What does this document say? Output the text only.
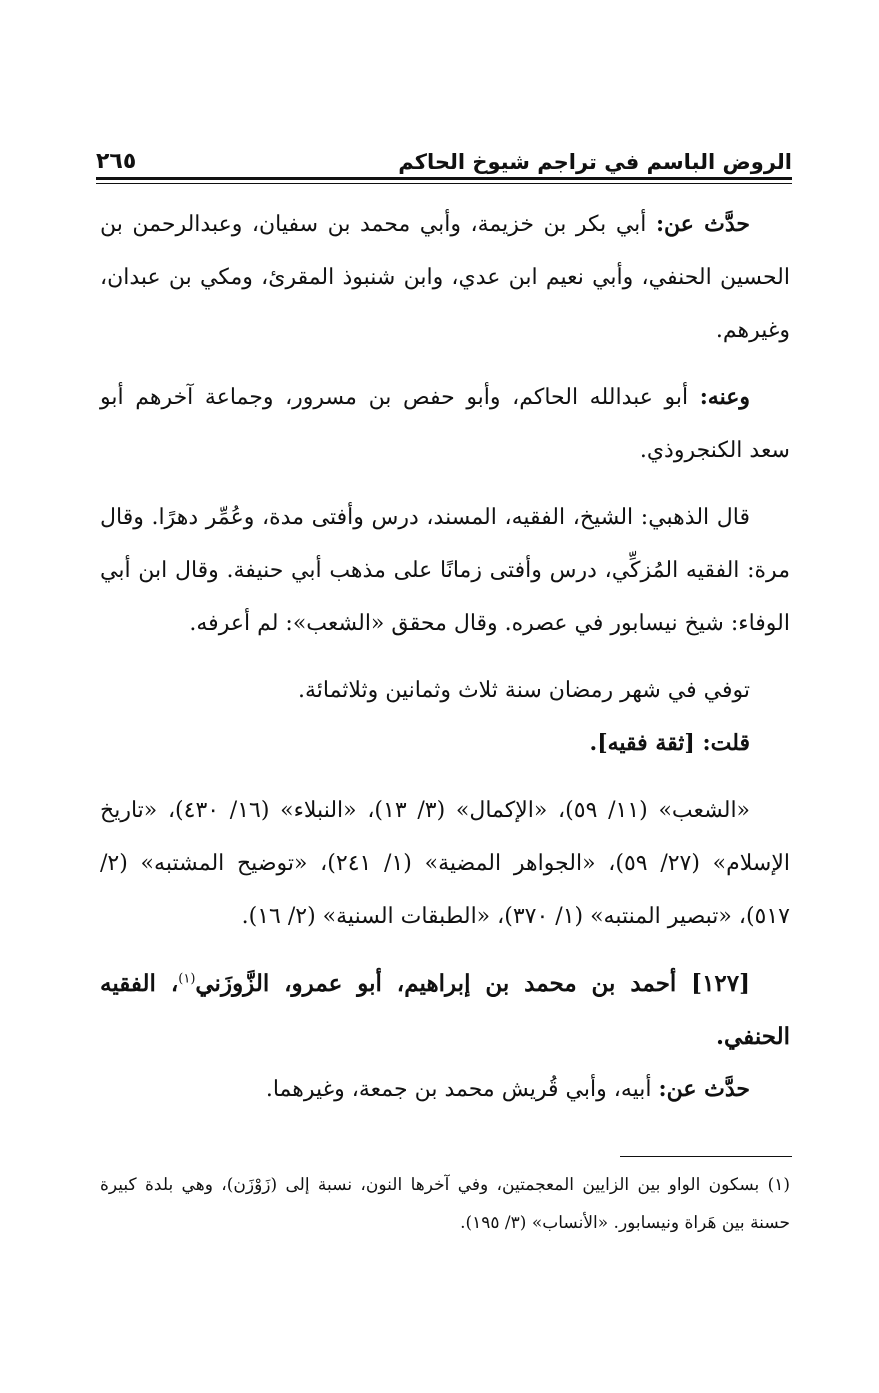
الروض الباسم في تراجم شيوخ الحاكم
٢٦٥

حدَّث عن: أبي بكر بن خزيمة، وأبي محمد بن سفيان، وعبدالرحمن بن الحسين الحنفي، وأبي نعيم ابن عدي، وابن شنبوذ المقرئ، ومكي بن عبدان، وغيرهم.

وعنه: أبو عبدالله الحاكم، وأبو حفص بن مسرور، وجماعة آخرهم أبو سعد الكنجروذي.

قال الذهبي: الشيخ، الفقيه، المسند، درس وأفتى مدة، وعُمِّر دهرًا. وقال مرة: الفقيه المُزكِّي، درس وأفتى زمانًا على مذهب أبي حنيفة. وقال ابن أبي الوفاء: شيخ نيسابور في عصره. وقال محقق «الشعب»: لم أعرفه.

توفي في شهر رمضان سنة ثلاث وثمانين وثلاثمائة.

قلت: [ثقة فقيه].

«الشعب» (١١/ ٥٩)، «الإكمال» (٣/ ١٣)، «النبلاء» (١٦/ ٤٣٠)، «تاريخ الإسلام» (٢٧/ ٥٩)، «الجواهر المضية» (١/ ٢٤١)، «توضيح المشتبه» (٢/ ٥١٧)، «تبصير المنتبه» (١/ ٣٧٠)، «الطبقات السنية» (٢/ ١٦).

[١٢٧] أحمد بن محمد بن إبراهيم، أبو عمرو، الزَّوزَني$^{(١)}$، الفقيه الحنفي.

حدَّث عن: أبيه، وأبي قُريش محمد بن جمعة، وغيرهما.

(١) بسكون الواو بين الزايين المعجمتين، وفي آخرها النون، نسبة إلى (زَوْزَن)، وهي بلدة كبيرة حسنة بين هَراة ونيسابور. «الأنساب» (٣/ ١٩٥).
